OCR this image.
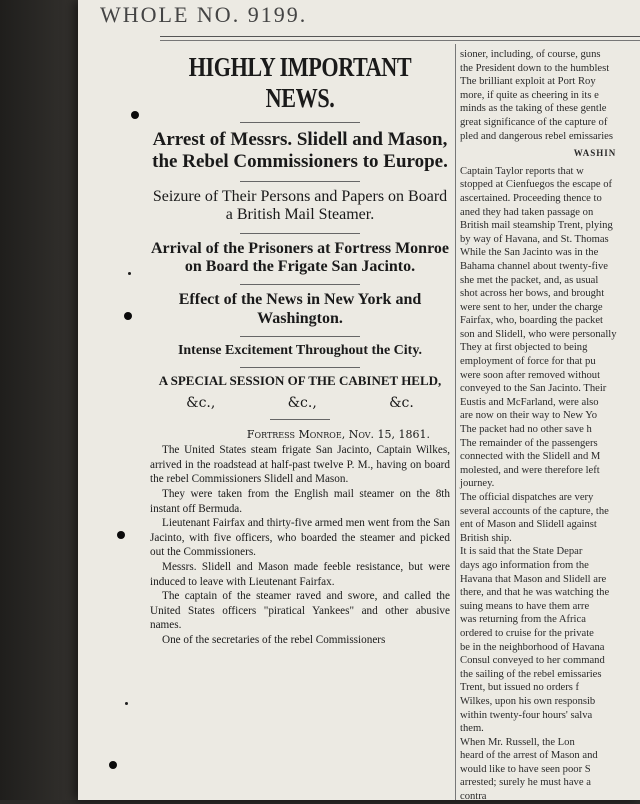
WHOLE NO. 9199.

HIGHLY IMPORTANT NEWS.

Arrest of Messrs. Slidell and Mason, the Rebel Commissioners to Europe.

Seizure of Their Persons and Papers on Board a British Mail Steamer.

Arrival of the Prisoners at Fortress Monroe on Board the Frigate San Jacinto.

Effect of the News in New York and Washington.

Intense Excitement Throughout the City.

A SPECIAL SESSION OF THE CABINET HELD,

&c.,	&c.,	&c.

Fortress Monroe, Nov. 15, 1861.

The United States steam frigate San Jacinto, Captain Wilkes, arrived in the roadstead at half-past twelve P. M., having on board the rebel Commissioners Slidell and Mason.

They were taken from the English mail steamer on the 8th instant off Bermuda.

Lieutenant Fairfax and thirty-five armed men went from the San Jacinto, with five officers, who boarded the steamer and picked out the Commissioners.

Messrs. Slidell and Mason made feeble resistance, but were induced to leave with Lieutenant Fairfax.

The captain of the steamer raved and swore, and called the United States officers "piratical Yankees" and other abusive names.

One of the secretaries of the rebel Commissioners

sioner, including, of course, guns

the President down to the humblest

The brilliant exploit at Port Roy

more, if quite as cheering in its e

minds as the taking of these gentle

great significance of the capture of

pled and dangerous rebel emissaries

WASHIN

Captain Taylor reports that w

stopped at Cienfuegos the escape of

ascertained. Proceeding thence to

aned they had taken passage on

British mail steamship Trent, plying

by way of Havana, and St. Thomas

While the San Jacinto was in the

Bahama channel about twenty-five

she met the packet, and, as usual

shot across her bows, and brought

were sent to her, under the charge

Fairfax, who, boarding the packet

son and Slidell, who were personally

They at first objected to being

employment of force for that pu

were soon after removed without

conveyed to the San Jacinto. Their

Eustis and McFarland, were also

are now on their way to New Yo

The packet had no other save h

The remainder of the passengers

connected with the Slidell and M

molested, and were therefore left

journey.

The official dispatches are very

several accounts of the capture, the

ent of Mason and Slidell against

British ship.

It is said that the State Depar

days ago information from the

Havana that Mason and Slidell are

there, and that he was watching the

suing means to have them arre

was returning from the Africa

ordered to cruise for the private

be in the neighborhood of Havana

Consul conveyed to her command

the sailing of the rebel emissaries

Trent, but issued no orders f

Wilkes, upon his own responsib

within twenty-four hours' salva

them.

When Mr. Russell, the Lon

heard of the arrest of Mason and

would like to have seen poor S

arrested; surely he must have a

contra
